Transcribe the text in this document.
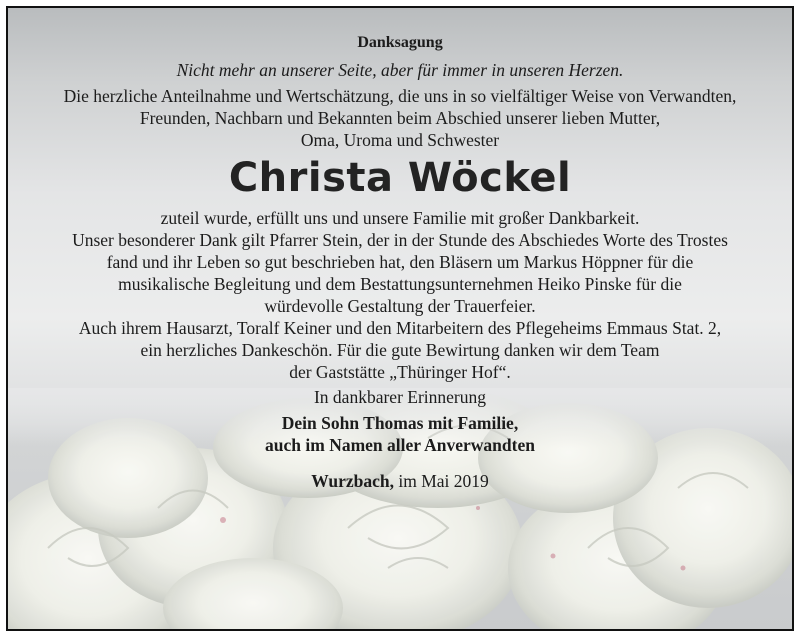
Danksagung
Nicht mehr an unserer Seite, aber für immer in unseren Herzen.
Die herzliche Anteilnahme und Wertschätzung, die uns in so vielfältiger Weise von Verwandten,
Freunden, Nachbarn und Bekannten beim Abschied unserer lieben Mutter,
Oma, Uroma und Schwester
Christa Wöckel
zuteil wurde, erfüllt uns und unsere Familie mit großer Dankbarkeit.
Unser besonderer Dank gilt Pfarrer Stein, der in der Stunde des Abschiedes Worte des Trostes
fand und ihr Leben so gut beschrieben hat, den Bläsern um Markus Höppner für die
musikalische Begleitung und dem Bestattungsunternehmen Heiko Pinske für die
würdevolle Gestaltung der Trauerfeier.
Auch ihrem Hausarzt, Toralf Keiner und den Mitarbeitern des Pflegeheims Emmaus Stat. 2,
ein herzliches Dankeschön. Für die gute Bewirtung danken wir dem Team
der Gaststätte „Thüringer Hof“.
In dankbarer Erinnerung
Dein Sohn Thomas mit Familie,
auch im Namen aller Anverwandten
Wurzbach, im Mai 2019
